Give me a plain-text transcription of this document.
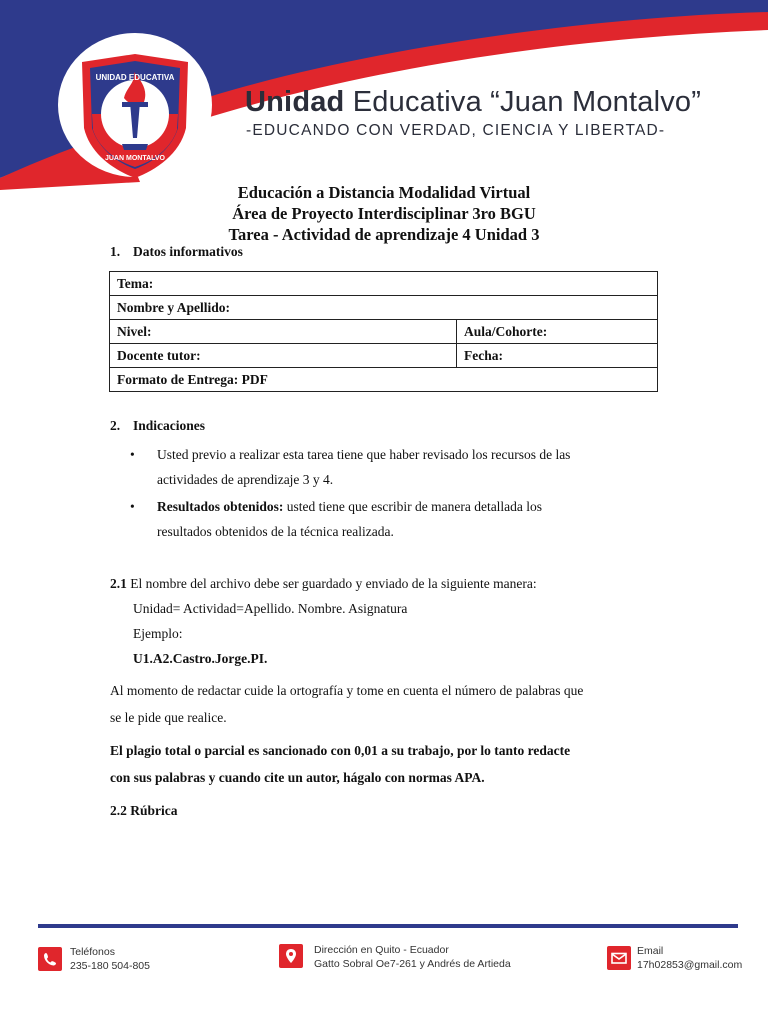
UNIDAD EDUCATIVA
JUAN MONTALVO
Unidad Educativa “Juan Montalvo”
-EDUCANDO CON VERDAD, CIENCIA Y LIBERTAD-
Educación a Distancia Modalidad Virtual
Área de Proyecto Interdisciplinar 3ro BGU
Tarea - Actividad de aprendizaje 4 Unidad 3
1. Datos informativos
Tema:	
Nombre y Apellido:	
Nivel:	Aula/Cohorte:
Docente tutor:	Fecha:
Formato de Entrega: PDF	
2. Indicaciones
• Usted previo a realizar esta tarea tiene que haber revisado los recursos de las
actividades de aprendizaje 3 y 4.
• Resultados obtenidos: usted tiene que escribir de manera detallada los
resultados obtenidos de la técnica realizada.
2.1 El nombre del archivo debe ser guardado y enviado de la siguiente manera:
Unidad= Actividad=Apellido. Nombre. Asignatura
Ejemplo:
U1.A2.Castro.Jorge.PI.
Al momento de redactar cuide la ortografía y tome en cuenta el número de palabras que
se le pide que realice.
El plagio total o parcial es sancionado con 0,01 a su trabajo, por lo tanto redacte
con sus palabras y cuando cite un autor, hágalo con normas APA.
2.2 Rúbrica
Teléfonos
235-180 504-805
Dirección en Quito - Ecuador
Gatto Sobral Oe7-261 y Andrés de Artieda
Email
17h02853@gmail.com
